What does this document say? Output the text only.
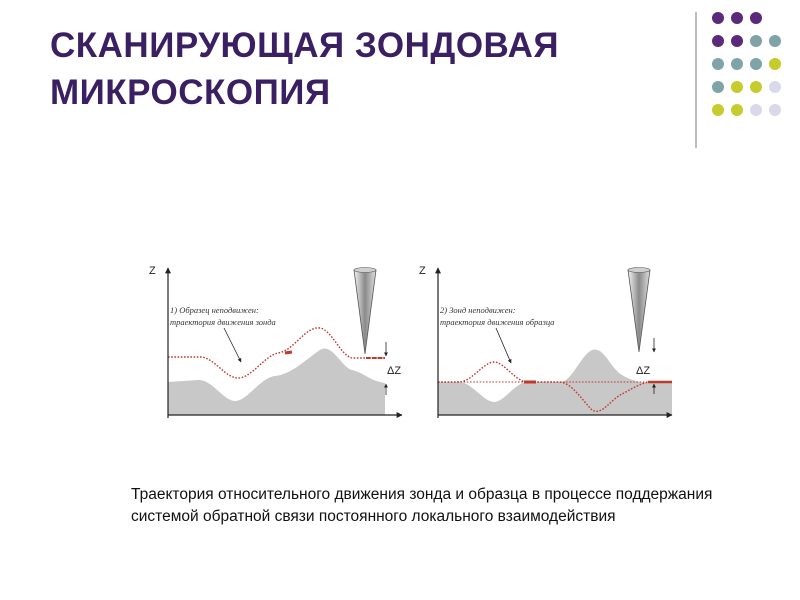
СКАНИРУЮЩАЯ ЗОНДОВАЯ
МИКРОСКОПИЯ
Z
1) Образец неподвижен:
траектория движения зонда
ΔZ
Z
2) Зонд неподвижен:
траектория движения образца
ΔZ

Траектория относительного движения зонда и образца в процессе поддержания системой обратной связи постоянного локального взаимодействия
